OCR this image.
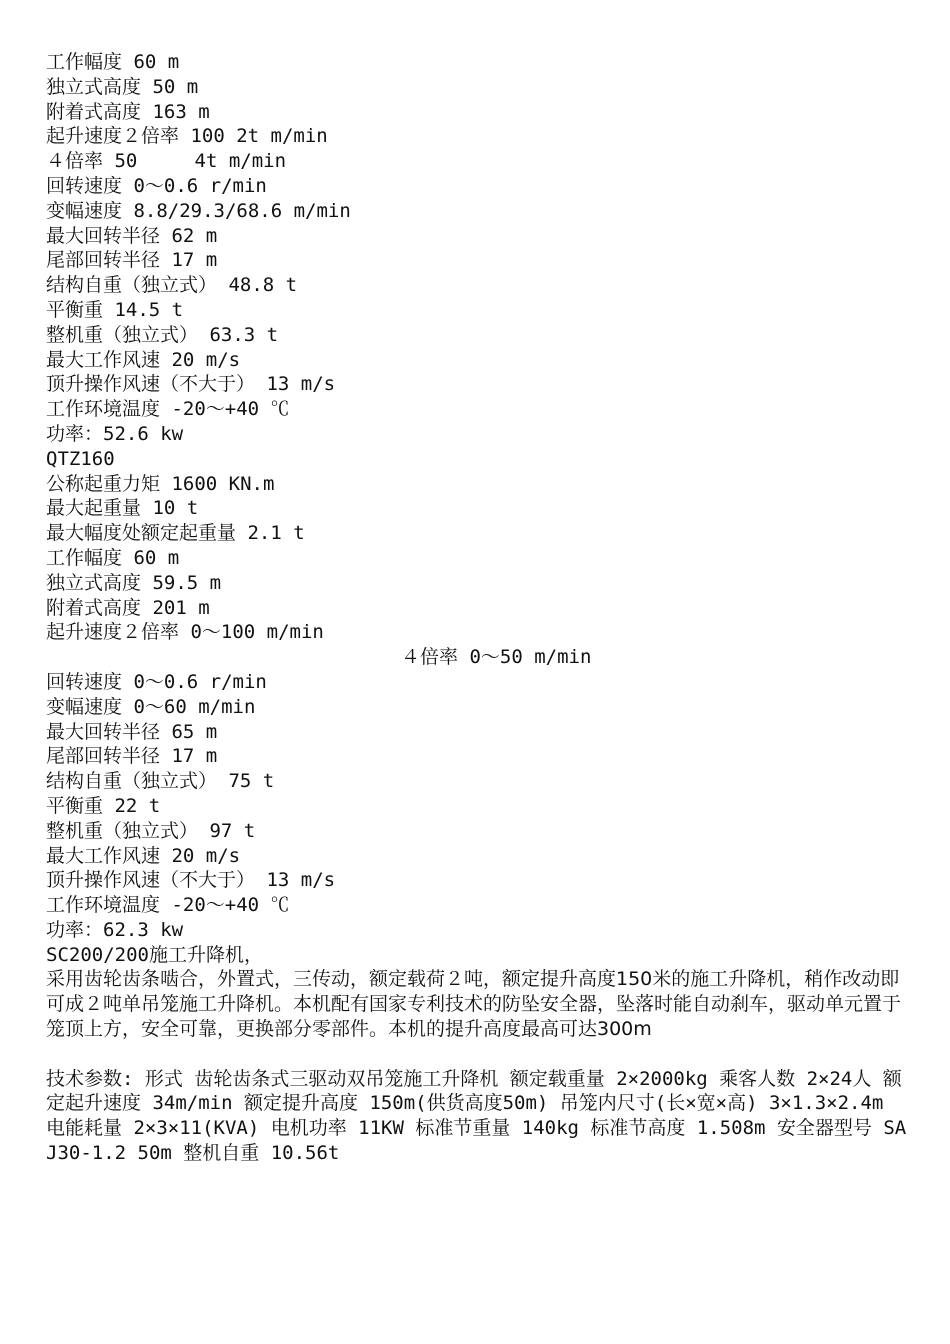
工作幅度 60 m
独立式高度 50 m
附着式高度 163 m
起升速度２倍率 100 2t m/min
４倍率 50     4t m/min
回转速度 0～0.6 r/min
变幅速度 8.8/29.3/68.6 m/min
最大回转半径 62 m
尾部回转半径 17 m
结构自重（独立式） 48.8 t
平衡重 14.5 t
整机重（独立式） 63.3 t
最大工作风速 20 m/s
顶升操作风速（不大于） 13 m/s
工作环境温度 -20～+40 ℃
功率：52.6 kw
QTZ160
公称起重力矩 1600 KN.m
最大起重量 10 t
最大幅度处额定起重量 2.1 t
工作幅度 60 m
独立式高度 59.5 m
附着式高度 201 m
起升速度２倍率 0～100 m/min
４倍率 0～50 m/min
回转速度 0～0.6 r/min
变幅速度 0～60 m/min
最大回转半径 65 m
尾部回转半径 17 m
结构自重（独立式） 75 t
平衡重 22 t
整机重（独立式） 97 t
最大工作风速 20 m/s
顶升操作风速（不大于） 13 m/s
工作环境温度 -20～+40 ℃
功率：62.3 kw
SC200/200施工升降机，
采用齿轮齿条啮合，外置式，三传动，额定载荷２吨，额定提升高度150米的施工升降机，稍作改动即可成２吨单吊笼施工升降机。本机配有国家专利技术的防坠安全器，坠落时能自动刹车，驱动单元置于笼顶上方，安全可靠，更换部分零部件。本机的提升高度最高可达300m
技术参数: 形式 齿轮齿条式三驱动双吊笼施工升降机 额定载重量 2×2000kg 乘客人数 2×24人 额定起升速度 34m/min 额定提升高度 150m(供货高度50m) 吊笼内尺寸(长×宽×高) 3×1.3×2.4m 电能耗量 2×3×11(KVA) 电机功率 11KW 标准节重量 140kg 标准节高度 1.508m 安全器型号 SAJ30-1.2 50m 整机自重 10.56t
